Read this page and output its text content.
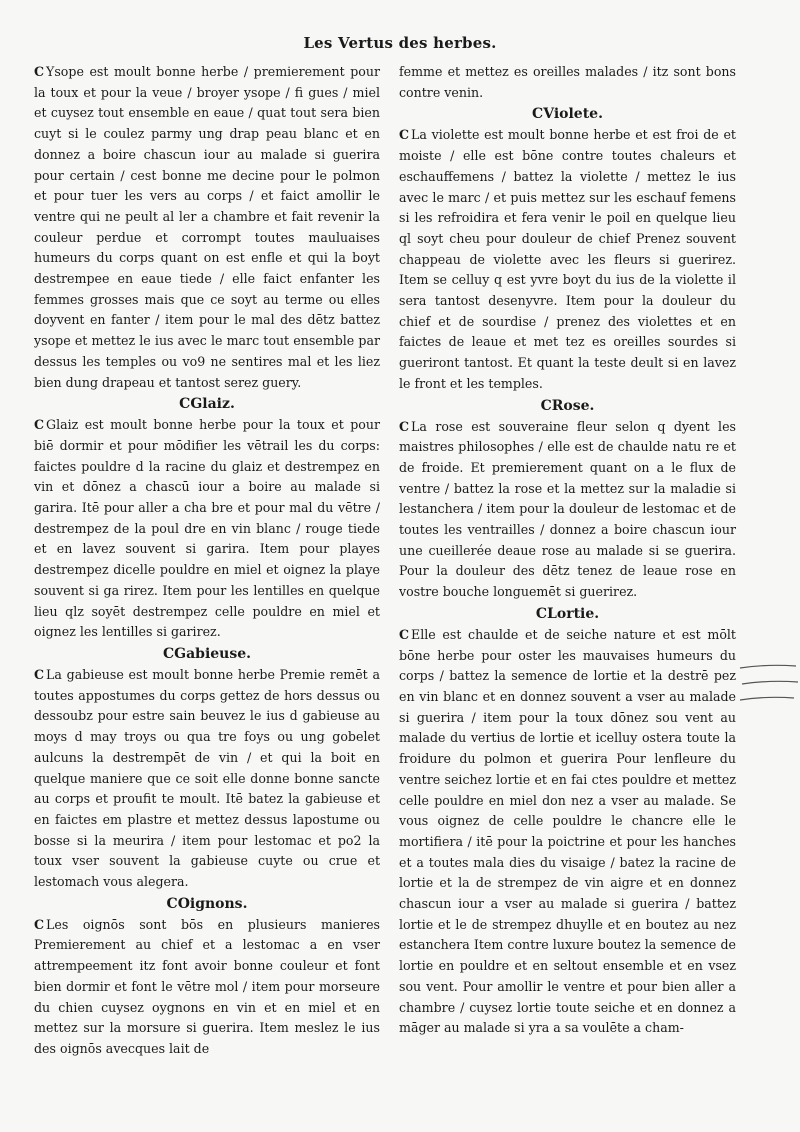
Les Vertus des herbes.

C Ysope est moult bonne herbe / premierement pour la toux et pour la veue / broyer ysope / fi gues / miel et cuysez tout ensemble en eaue / quat tout sera bien cuyt si le coulez parmy ung drap peau blanc et en donnez a boire chascun iour au malade si guerira pour certain / cest bonne me decine pour le polmon et pour tuer les vers au corps / et faict amollir le ventre qui ne peult al ler a chambre et fait revenir la couleur perdue et corrompt toutes mauluaises humeurs du corps quant on est enfle et qui la boyt destrempee en eaue tiede / elle faict enfanter les femmes grosses mais que ce soyt au terme ou elles doyvent en fanter / item pour le mal des dētz battez ysope et mettez le ius avec le marc tout ensemble par dessus les temples ou vo9 ne sentires mal et les liez bien dung drapeau et tantost serez guery.

CGlaiz.

C Glaiz est moult bonne herbe pour la toux et pour biē dormir et pour mōdifier les vētrail les du corps: faictes pouldre d la racine du glaiz et destrempez en vin et dōnez a chascū iour a boire au malade si garira. Itē pour aller a cha bre et pour mal du vētre / destrempez de la poul dre en vin blanc / rouge tiede et en lavez souvent si garira. Item pour playes destrempez dicelle pouldre en miel et oignez la playe souvent si ga rirez. Item pour les lentilles en quelque lieu qlz soyēt destrempez celle pouldre en miel et oignez les lentilles si garirez.

CGabieuse.

C La gabieuse est moult bonne herbe Premie remēt a toutes appostumes du corps gettez de hors dessus ou dessoubz pour estre sain beuvez le ius d gabieuse au moys d may troys ou qua tre foys ou ung gobelet aulcuns la destrempēt de vin / et qui la boit en quelque maniere que ce soit elle donne bonne sancte au corps et proufit te moult. Itē batez la gabieuse et en faictes em plastre et mettez dessus lapostume ou bosse si la meurira / item pour lestomac et po2 la toux vser souvent la gabieuse cuyte ou crue et lestomach vous alegera.

COignons.

C Les oignōs sont bōs en plusieurs manieres Premierement au chief et a lestomac a en vser attrempeement itz font avoir bonne couleur et font bien dormir et font le vētre mol / item pour morseure du chien cuysez oygnons en vin et en miel et en mettez sur la morsure si guerira. Item meslez le ius des oignōs avecques lait de

femme et mettez es oreilles malades / itz sont bons contre venin.

CViolete.

C La violette est moult bonne herbe et est froi de et moiste / elle est bōne contre toutes chaleurs et eschauffemens / battez la violette / mettez le ius avec le marc / et puis mettez sur les eschauf femens si les refroidira et fera venir le poil en quelque lieu ql soyt cheu pour douleur de chief Prenez souvent chappeau de violette avec les fleurs si guerirez. Item se celluy q est yvre boyt du ius de la violette il sera tantost desenyvre. Item pour la douleur du chief et de sourdise / prenez des violettes et en faictes de leaue et met tez es oreilles sourdes si gueriront tantost. Et quant la teste deult si en lavez le front et les temples.

CRose.

C La rose est souveraine fleur selon q dyent les maistres philosophes / elle est de chaulde natu re et de froide. Et premierement quant on a le flux de ventre / battez la rose et la mettez sur la maladie si lestanchera / item pour la douleur de lestomac et de toutes les ventrailles / donnez a boire chascun iour une cueillerée deaue rose au malade si se guerira. Pour la douleur des dētz tenez de leaue rose en vostre bouche longuemēt si guerirez.

CLortie.

C Elle est chaulde et de seiche nature et est mōlt bōne herbe pour oster les mauvaises humeurs du corps / battez la semence de lortie et la destrē pez en vin blanc et en donnez souvent a vser au malade si guerira / item pour la toux dōnez sou vent au malade du vertius de lortie et icelluy ostera toute la froidure du polmon et guerira Pour lenfleure du ventre seichez lortie et en fai ctes pouldre et mettez celle pouldre en miel don nez a vser au malade. Se vous oignez de celle pouldre le chancre elle le mortifiera / itē pour la poictrine et pour les hanches et a toutes mala dies du visaige / batez la racine de lortie et la de strempez de vin aigre et en donnez chascun iour a vser au malade si guerira / battez lortie et le de strempez dhuylle et en boutez au nez estanchera Item contre luxure boutez la semence de lortie en pouldre et en seltout ensemble et en vsez sou vent. Pour amollir le ventre et pour bien aller a chambre / cuysez lortie toute seiche et en donnez a māger au malade si yra a sa voulēte a cham-
